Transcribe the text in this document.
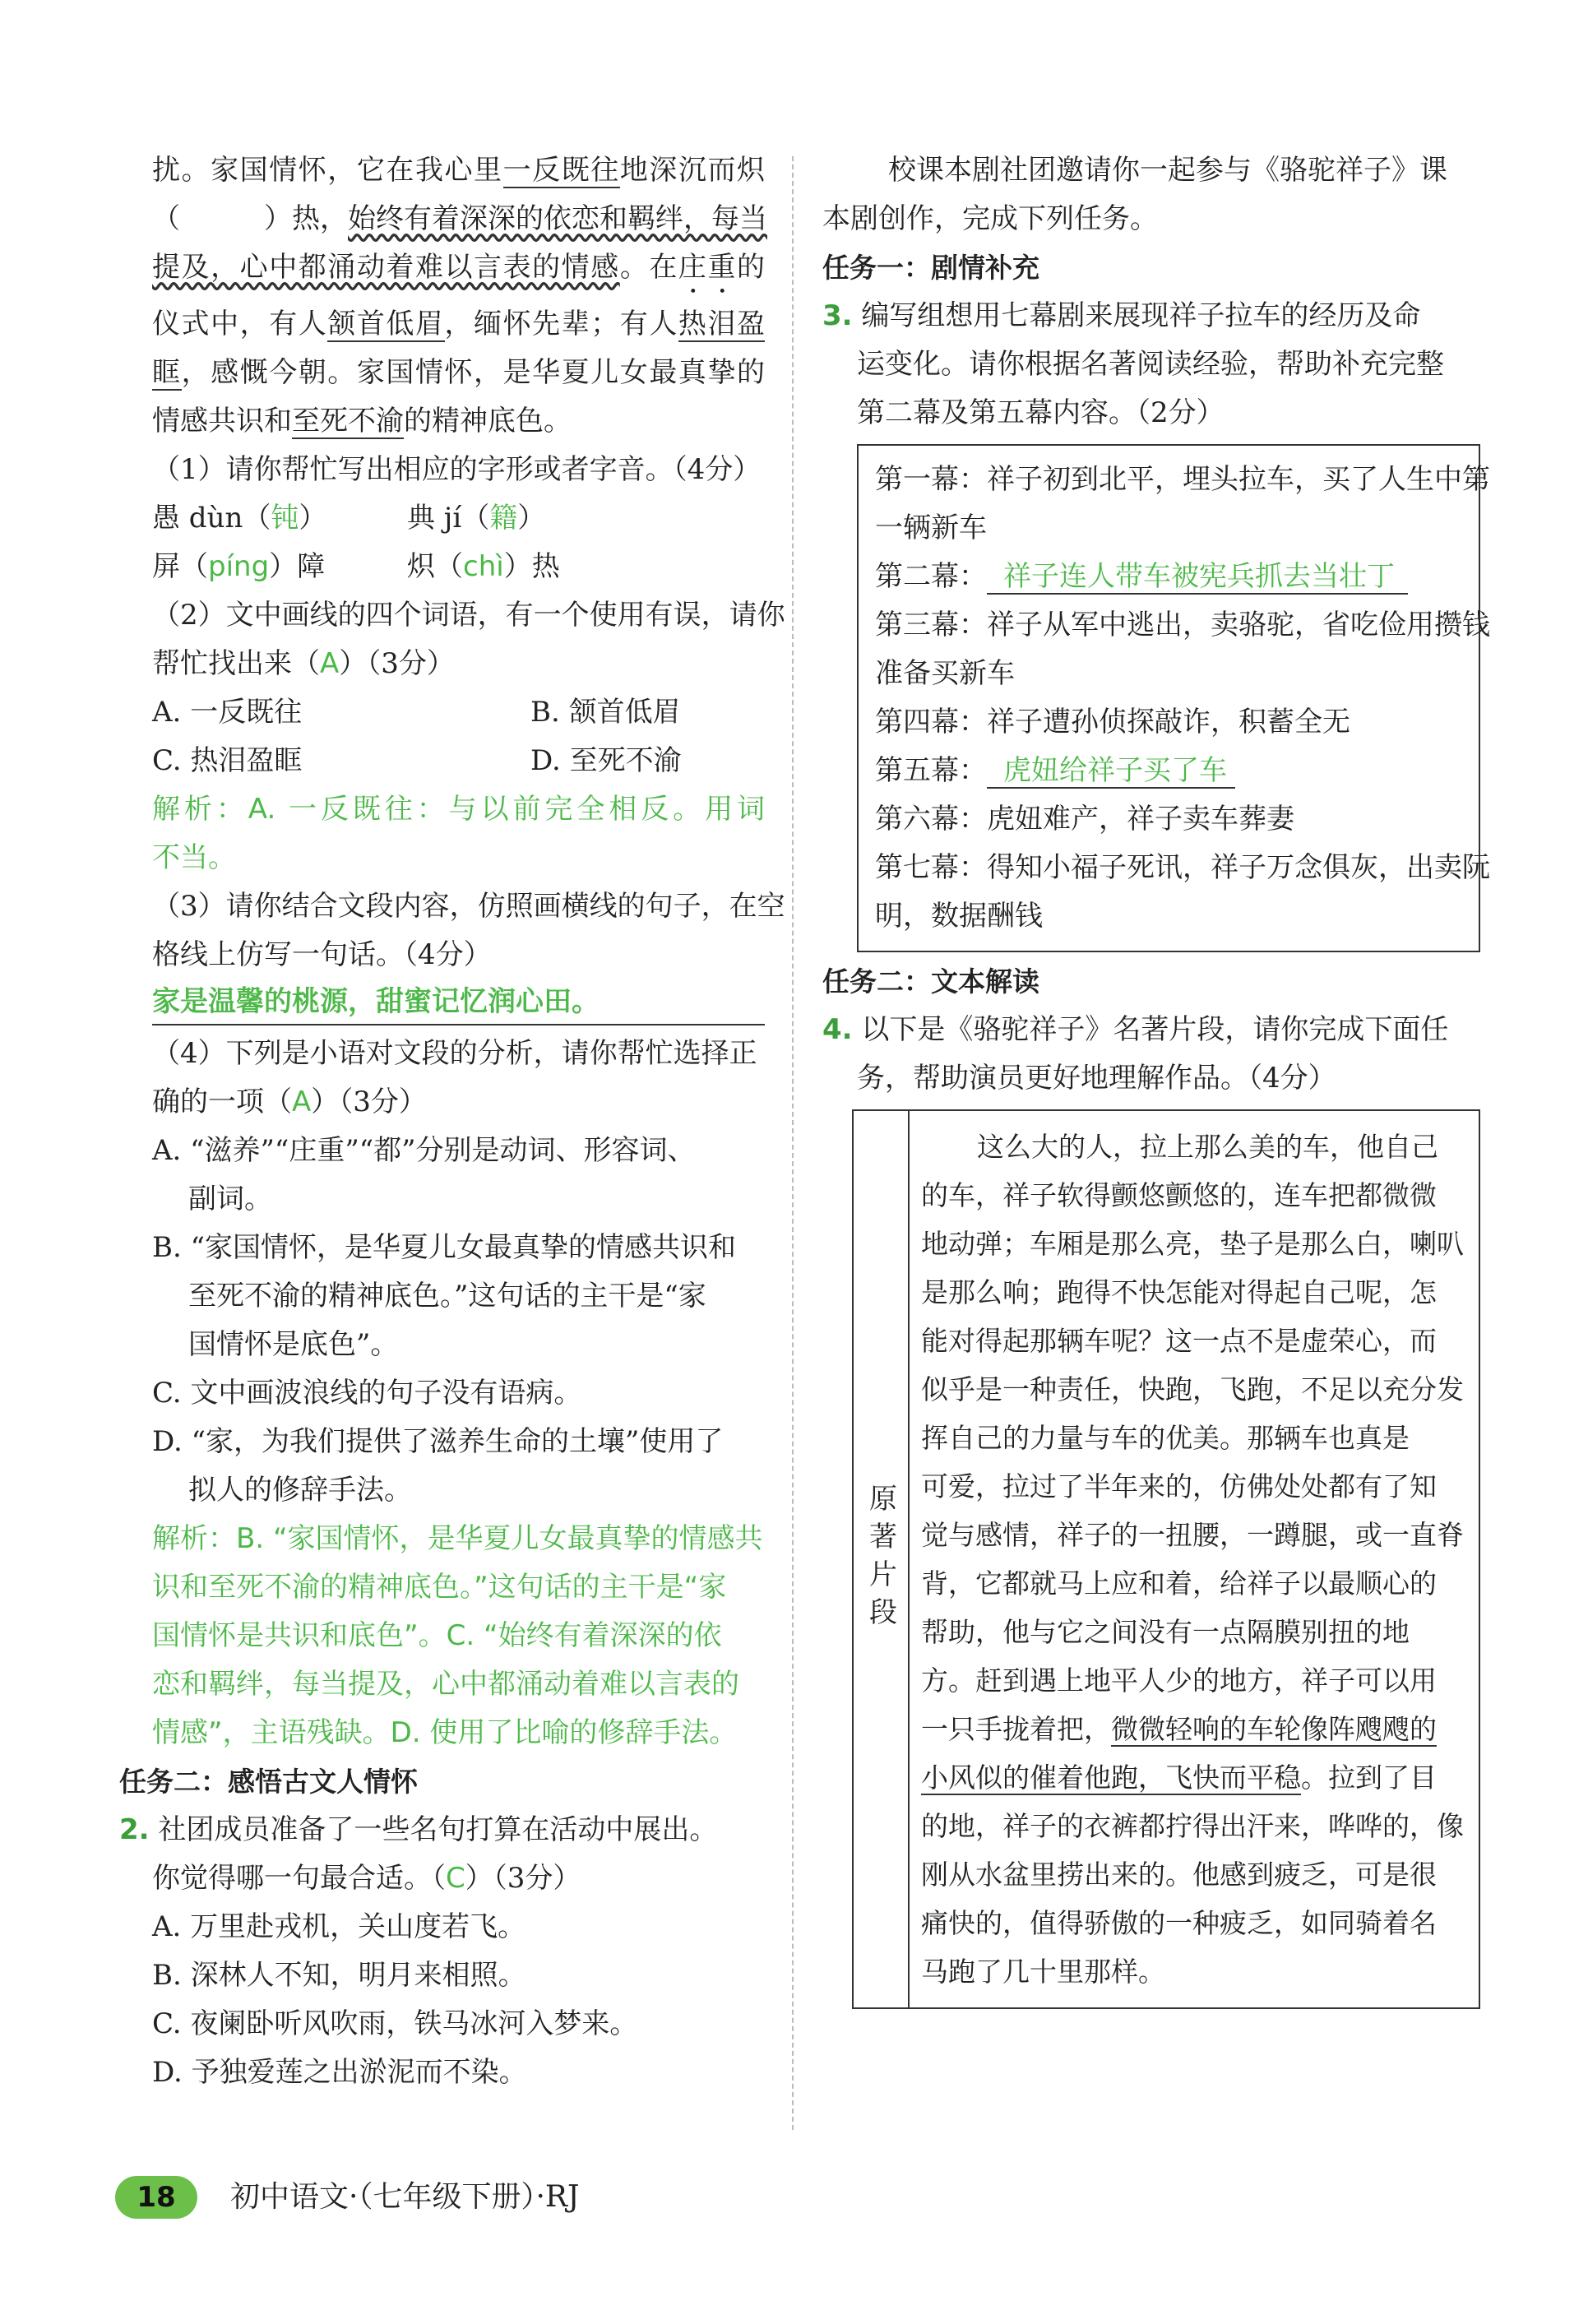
扰。家国情怀，它在我心里一反既往地深沉而炽
（　　　）热，始终有着深深的依恋和羁绊，每当
提及，心中都涌动着难以言表的情感。在庄重的
仪式中，有人颔首低眉，缅怀先辈；有人热泪盈
眶，感慨今朝。家国情怀，是华夏儿女最真挚的
情感共识和至死不渝的精神底色。
（1）请你帮忙写出相应的字形或者字音。（4分）
愚 dùn（钝）	典 jí（籍）
屏（píng）障	炽（chì）热
（2）文中画线的四个词语，有一个使用有误，请你
帮忙找出来（A）（3分）
A. 一反既往	B. 颔首低眉
C. 热泪盈眶	D. 至死不渝
解析：A. 一反既往：与以前完全相反。用词
不当。
（3）请你结合文段内容，仿照画横线的句子，在空
格线上仿写一句话。（4分）
家是温馨的桃源，甜蜜记忆润心田。
（4）下列是小语对文段的分析，请你帮忙选择正
确的一项（A）（3分）
A. “滋养”“庄重”“都”分别是动词、形容词、
副词。
B. “家国情怀，是华夏儿女最真挚的情感共识和
至死不渝的精神底色。”这句话的主干是“家
国情怀是底色”。
C. 文中画波浪线的句子没有语病。
D. “家，为我们提供了滋养生命的土壤”使用了
拟人的修辞手法。
解析：B. “家国情怀，是华夏儿女最真挚的情感共
识和至死不渝的精神底色。”这句话的主干是“家
国情怀是共识和底色”。C. “始终有着深深的依
恋和羁绊，每当提及，心中都涌动着难以言表的
情感”，主语残缺。D. 使用了比喻的修辞手法。
任务二：感悟古文人情怀
2. 社团成员准备了一些名句打算在活动中展出。
你觉得哪一句最合适。（C）（3分）
A. 万里赴戎机，关山度若飞。
B. 深林人不知，明月来相照。
C. 夜阑卧听风吹雨，铁马冰河入梦来。
D. 予独爱莲之出淤泥而不染。
校课本剧社团邀请你一起参与《骆驼祥子》课
本剧创作，完成下列任务。
任务一：剧情补充
3. 编写组想用七幕剧来展现祥子拉车的经历及命
运变化。请你根据名著阅读经验，帮助补充完整
第二幕及第五幕内容。（2分）
第一幕：祥子初到北平，埋头拉车，买了人生中第
一辆新车
第二幕： 祥子连人带车被宪兵抓去当壮丁
第三幕：祥子从军中逃出，卖骆驼，省吃俭用攒钱
准备买新车
第四幕：祥子遭孙侦探敲诈，积蓄全无
第五幕： 虎妞给祥子买了车
第六幕：虎妞难产，祥子卖车葬妻
第七幕：得知小福子死讯，祥子万念俱灰，出卖阮
明，数据酬钱
任务二：文本解读
4. 以下是《骆驼祥子》名著片段，请你完成下面任
务，帮助演员更好地理解作品。（4分）
原著片段
这么大的人，拉上那么美的车，他自己
的车，祥子软得颤悠颤悠的，连车把都微微
地动弹；车厢是那么亮，垫子是那么白，喇叭
是那么响；跑得不快怎能对得起自己呢，怎
能对得起那辆车呢？这一点不是虚荣心，而
似乎是一种责任，快跑，飞跑，不足以充分发
挥自己的力量与车的优美。那辆车也真是
可爱，拉过了半年来的，仿佛处处都有了知
觉与感情，祥子的一扭腰，一蹲腿，或一直脊
背，它都就马上应和着，给祥子以最顺心的
帮助，他与它之间没有一点隔膜别扭的地
方。赶到遇上地平人少的地方，祥子可以用
一只手拢着把，微微轻响的车轮像阵飕飕的
小风似的催着他跑，飞快而平稳。拉到了目
的地，祥子的衣裤都拧得出汗来，哗哗的，像
刚从水盆里捞出来的。他感到疲乏，可是很
痛快的，值得骄傲的一种疲乏，如同骑着名
马跑了几十里那样。
18	初中语文·（七年级下册）·RJ
